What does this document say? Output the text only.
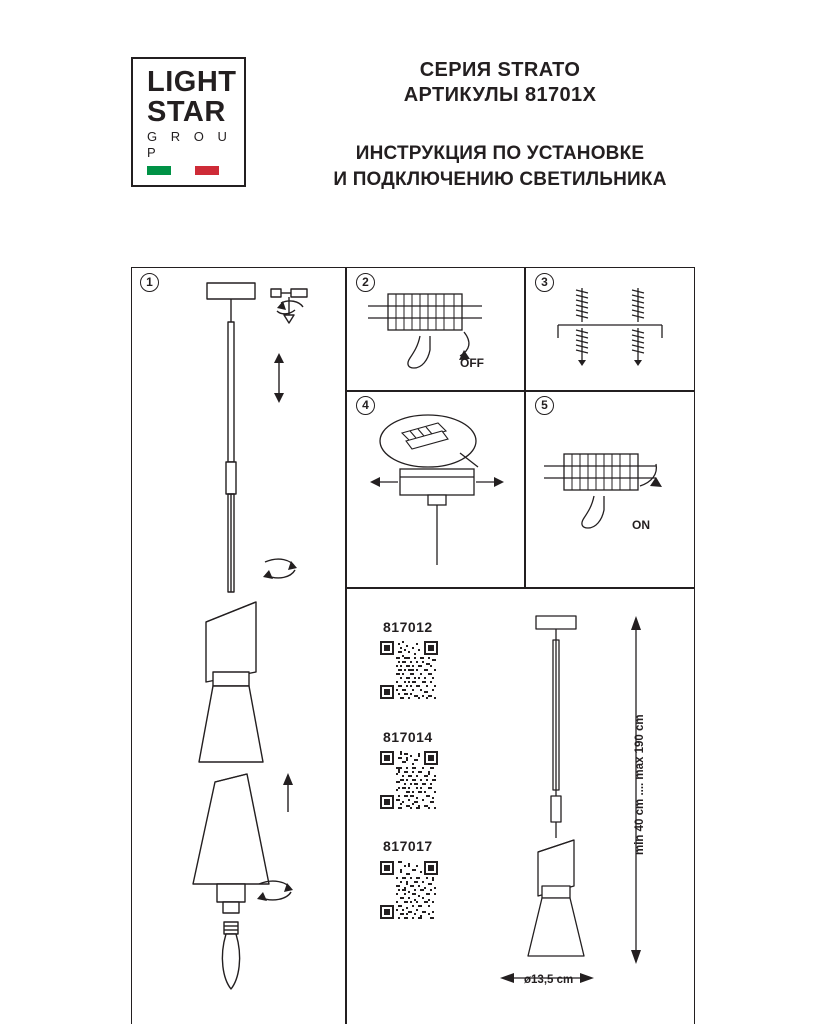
LIGHT
STAR
G R O U P
СЕРИЯ STRATO
АРТИКУЛЫ 81701X
ИНСТРУКЦИЯ ПО УСТАНОВКЕ
И ПОДКЛЮЧЕНИЮ СВЕТИЛЬНИКА
1	2	3
4	5
OFF
ON
817012
817014
817017	min 40 cm .... max 190 cm
ø13,5 cm
